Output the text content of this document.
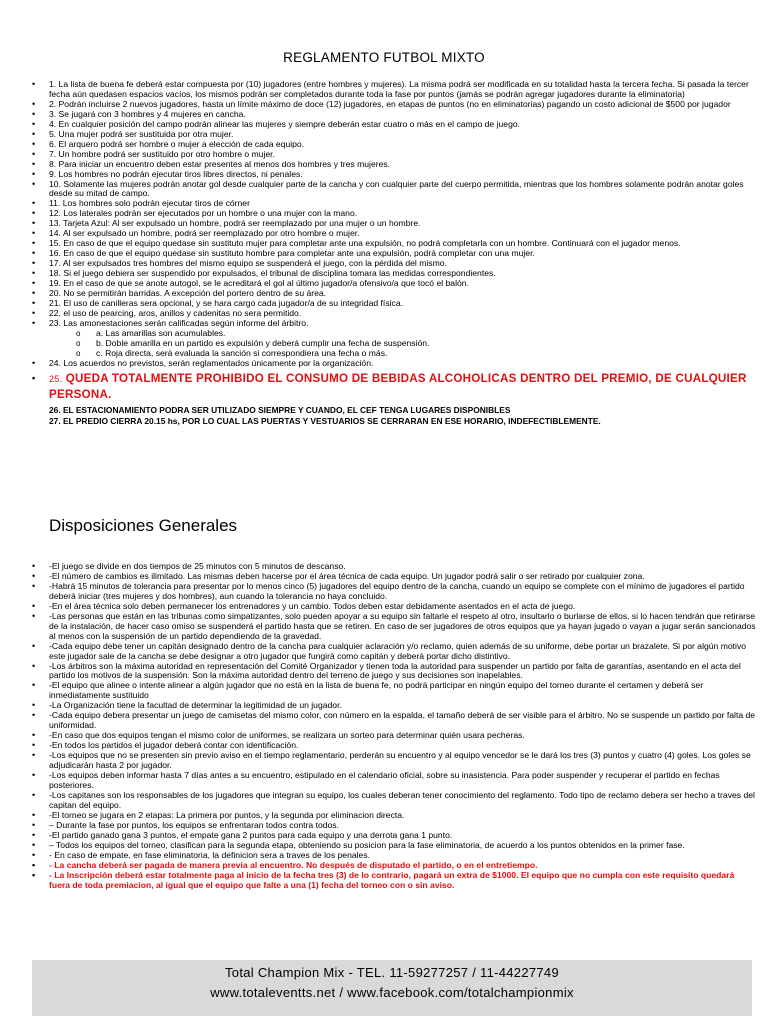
REGLAMENTO FUTBOL MIXTO
• 1. La lista de buena fe deberá estar compuesta por (10) jugadores (entre hombres y mujeres). La misma podrá ser modificada en su totalidad hasta la tercera fecha. Si pasada la tercer fecha aún quedasen espacios vacíos, los mismos podrán ser completados durante toda la fase por puntos (jamás se podrán agregar jugadores durante la eliminatoria)
• 2. Podrán incluirse 2 nuevos jugadores, hasta un límite máximo de doce (12) jugadores, en etapas de puntos (no en eliminatorias) pagando un costo adicional de $500 por jugador
• 3. Se jugará con 3 hombres y 4 mujeres en cancha.
• 4. En cualquier posición del campo podrán alinear las mujeres y siempre deberán estar cuatro o más en el campo de juego.
• 5. Una mujer podrá ser sustituida por otra mujer.
• 6. El arquero podrá ser hombre o mujer a elección de cada equipo.
• 7. Un hombre podrá ser sustituido por otro hombre o mujer.
• 8. Para iniciar un encuentro deben estar presentes al menos dos hombres y tres mujeres.
• 9. Los hombres no podrán ejecutar tiros libres directos, ni penales.
• 10. Solamente las mujeres podrán anotar gol desde cualquier parte de la cancha y con cualquier parte del cuerpo permitida, mientras que los hombres solamente podrán anotar goles desde su mitad de campo.
• 11. Los hombres solo podrán ejecutar tiros de córner
• 12. Los laterales podrán ser ejecutados por un hombre o una mujer con la mano.
• 13. Tarjeta Azul: Al ser expulsado un hombre, podrá ser reemplazado por una mujer o un hombre.
• 14. Al ser expulsado un hombre, podrá ser reemplazado por otro hombre o mujer.
• 15. En caso de que el equipo quedase sin sustituto mujer para completar ante una expulsión, no podrá completarla con un hombre. Continuará con el jugador menos.
• 16. En caso de que el equipo quedase sin sustituto hombre para completar ante una expulsión, podrá completar con una mujer.
• 17. Al ser expulsados tres hombres del mismo equipo se suspenderá el juego, con la pérdida del mismo.
• 18. Si el juego debiera ser suspendido por expulsados, el tribunal de disciplina tomara las medidas correspondientes.
• 19. En el caso de que se anote autogol, se le acreditará el gol al último jugador/a ofensivo/a que tocó el balón.
• 20. No se permitirán barridas. A excepción del portero dentro de su área.
• 21. El uso de canilleras sera opcional, y se hara cargo cada jugador/a de su integridad física.
• 22. el uso de pearcing, aros, anillos y cadenitas no sera permitido.
• 23. Las amonestaciones serán calificadas según informe del árbitro.
o a. Las amarillas son acumulables.
o b. Doble amarilla en un partido es expulsión y deberá cumplir una fecha de suspensión.
o c. Roja directa, será evaluada la sanción si correspondiera una fecha o más.
• 24. Los acuerdos no previstos, serán reglamentados únicamente por la organización.
• 25. QUEDA TOTALMENTE PROHIBIDO EL CONSUMO DE BEBIDAS ALCOHOLICAS DENTRO DEL PREMIO, DE CUALQUIER PERSONA.
26. EL ESTACIONAMIENTO PODRA SER UTILIZADO SIEMPRE Y CUANDO, EL CEF TENGA LUGARES DISPONIBLES
27. EL PREDIO CIERRA 20.15 hs, POR LO CUAL LAS PUERTAS Y VESTUARIOS SE CERRARAN EN ESE HORARIO, INDEFECTIBLEMENTE.
Disposiciones Generales
• -El juego se divide en dos tiempos de 25 minutos con 5 minutos de descanso.
• -El número de cambios es ilimitado. Las mismas deben hacerse por el área técnica de cada equipo. Un jugador podrá salir o ser retirado por cualquier zona.
• -Habrá 15 minutos de tolerancia para presentar por lo menos cinco (5) jugadores del equipo dentro de la cancha, cuando un equipo se complete con el mínimo de jugadores el partido deberá iniciar (tres mujeres y dos hombres), aun cuando la tolerancia no haya concluido.
• -En el área técnica solo deben permanecer los entrenadores y un cambio. Todos deben estar debidamente asentados en el acta de juego.
• -Las personas que están en las tribunas como simpatizantes, solo pueden apoyar a su equipo sin faltarle el respeto al otro, insultarlo o burlarse de ellos, si lo hacen tendrán que retirarse de la instalación, de hacer caso omiso se suspenderá el partido hasta que se retiren. En caso de ser jugadores de otros equipos que ya hayan jugado o vayan a jugar serán sancionados al menos con la suspensión de un partido dependiendo de la gravedad.
• -Cada equipo debe tener un capitán designado dentro de la cancha para cualquier aclaración y/o reclamo, quien además de su uniforme, debe portar un brazalete. Si por algún motivo este jugador sale de la cancha se debe designar a otro jugador que fungirá como capitán y deberá portar dicho distintivo.
• -Los árbitros son la máxima autoridad en representación del Comité Organizador y tienen toda la autoridad para suspender un partido por falta de garantías, asentando en el acta del partido los motivos de la suspensión. Son la máxima autoridad dentro del terreno de juego y sus decisiones son inapelables.
• -El equipo que alinee o intente alinear a algún jugador que no está en la lista de buena fe, no podrá participar en ningún equipo del torneo durante el certamen y deberá ser inmediatamente sustituido
• -La Organización tiene la facultad de determinar la legitimidad de un jugador.
• -Cada equipo debera presentar un juego de camisetas del mismo color, con número en la espalda, el tamaño deberá de ser visible para el árbitro. No se suspende un partido por falta de uniformidad.
• -En caso que dos equipos tengan el mismo color de uniformes, se realizara un sorteo para determinar quién usara pecheras.
• -En todos los partidos el jugador deberá contar con identificación.
• -Los equipos que no se presenten sin previo aviso en el tiempo reglamentario, perderán su encuentro y al equipo vencedor se le dará los tres (3) puntos y cuatro (4) goles. Los goles se adjudicarán hasta 2 por jugador.
• -Los equipos deben informar hasta 7 días antes a su encuentro, estipulado en el calendario oficial, sobre su inasistencia. Para poder suspender y recuperar el partido en fechas posteriores.
• -Los capitanes son los responsables de los jugadores que integran su equipo, los cuales deberan tener conocimiento del reglamento. Todo tipo de reclamo debera ser hecho a traves del capitan del equipo.
• -El torneo se jugara en 2 etapas: La primera por puntos, y la segunda por eliminacion directa.
• – Durante la fase por puntos, los equipos se enfrentaran todos contra todos.
• -El partido ganado gana 3 puntos, el empate gana 2 puntos para cada equipo y una derrota gana 1 punto.
• – Todos los equipos del torneo, clasifican para la segunda etapa, obteniendo su posicion para la fase eliminatoria, de acuerdo a los puntos obtenidos en la primer fase.
• - En caso de empate, en fase eliminatoria, la definicion sera a traves de los penales.
• - La cancha deberá ser pagada de manera previa al encuentro. No después de disputado el partido, o en el entretiempo.
• - La Inscripción deberá estar totalmente paga al inicio de la fecha tres (3) de lo contrario, pagará un extra de $1000. El equipo que no cumpla con este requisito quedará fuera de toda premiacion, al igual que el equipo que falte a una (1) fecha del torneo con o sin aviso.
Total Champion Mix - TEL. 11-59277257 / 11-44227749
www.totaleventts.net / www.facebook.com/totalchampionmix
